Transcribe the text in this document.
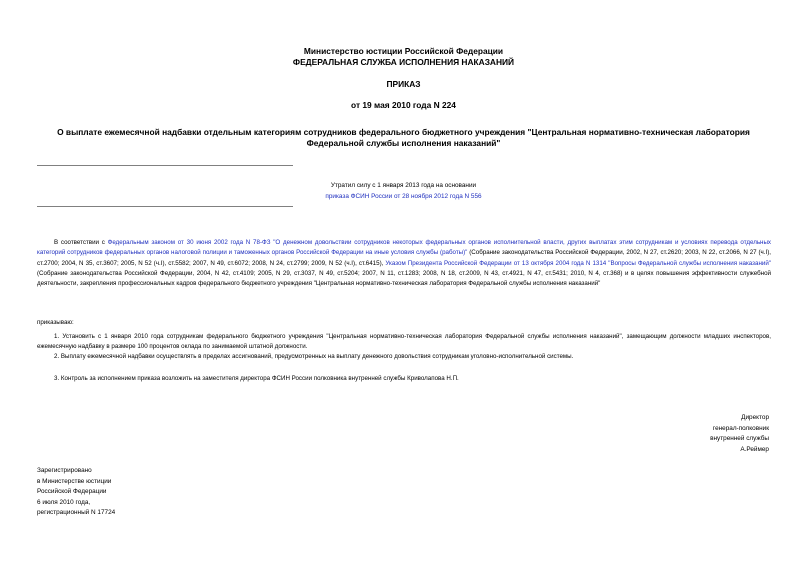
Министерство юстиции Российской Федерации
ФЕДЕРАЛЬНАЯ СЛУЖБА ИСПОЛНЕНИЯ НАКАЗАНИЙ
ПРИКАЗ
от 19 мая 2010 года N 224
О выплате ежемесячной надбавки отдельным категориям сотрудников федерального бюджетного учреждения "Центральная нормативно-техническая лаборатория Федеральной службы исполнения наказаний"
Утратил силу с 1 января 2013 года на основании
приказа ФСИН России от 28 ноября 2012 года N 556
В соответствии с Федеральным законом от 30 июня 2002 года N 78-ФЗ "О денежном довольствии сотрудников некоторых федеральных органов исполнительной власти, других выплатах этим сотрудникам и условиях перевода отдельных категорий сотрудников федеральных органов налоговой полиции и таможенных органов Российской Федерации на иные условия службы (работы)" (Собрание законодательства Российской Федерации, 2002, N 27, ст.2620; 2003, N 22, ст.2066, N 27 (ч.I), ст.2700; 2004, N 35, ст.3607; 2005, N 52 (ч.I), ст.5582; 2007, N 49, ст.6072; 2008, N 24, ст.2799; 2009, N 52 (ч.I), ст.6415), Указом Президента Российской Федерации от 13 октября 2004 года N 1314 "Вопросы Федеральной службы исполнения наказаний" (Собрание законодательства Российской Федерации, 2004, N 42, ст.4109; 2005, N 29, ст.3037, N 49, ст.5204; 2007, N 11, ст.1283; 2008, N 18, ст.2009, N 43, ст.4921, N 47, ст.5431; 2010, N 4, ст.368) и в целях повышения эффективности служебной деятельности, закрепления профессиональных кадров федерального бюджетного учреждения "Центральная нормативно-техническая лаборатория Федеральной службы исполнения наказаний"
приказываю:
1. Установить с 1 января 2010 года сотрудникам федерального бюджетного учреждения "Центральная нормативно-техническая лаборатория Федеральной службы исполнения наказаний", замещающим должности младших инспекторов, ежемесячную надбавку в размере 100 процентов оклада по занимаемой штатной должности.
2. Выплату ежемесячной надбавки осуществлять в пределах ассигнований, предусмотренных на выплату денежного довольствия сотрудникам уголовно-исполнительной системы.
3. Контроль за исполнением приказа возложить на заместителя директора ФСИН России полковника внутренней службы Криволапова Н.П.
Директор
генерал-полковник
внутренней службы
А.Реймер
Зарегистрировано
в Министерстве юстиции
Российской Федерации
6 июля 2010 года,
регистрационный N 17724
